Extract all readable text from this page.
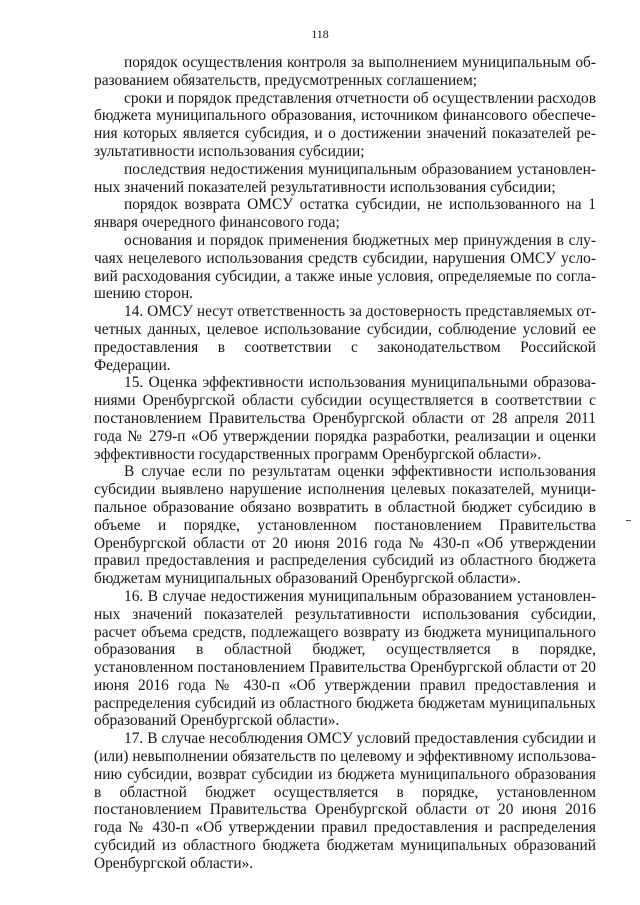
118

порядок осуществления контроля за выполнением муниципальным образованием обязательств, предусмотренных соглашением;

сроки и порядок представления отчетности об осуществлении расходов бюджета муниципального образования, источником финансового обеспечения которых является субсидия, и о достижении значений показателей результативности использования субсидии;

последствия недостижения муниципальным образованием установленных значений показателей результативности использования субсидии;

порядок возврата ОМСУ остатка субсидии, не использованного на 1 января очередного финансового года;

основания и порядок применения бюджетных мер принуждения в случаях нецелевого использования средств субсидии, нарушения ОМСУ условий расходования субсидии, а также иные условия, определяемые по соглашению сторон.

14. ОМСУ несут ответственность за достоверность представляемых отчетных данных, целевое использование субсидии, соблюдение условий ее предоставления в соответствии с законодательством Российской Федерации.

15. Оценка эффективности использования муниципальными образованиями Оренбургской области субсидии осуществляется в соответствии с постановлением Правительства Оренбургской области от 28 апреля 2011 года № 279-п «Об утверждении порядка разработки, реализации и оценки эффективности государственных программ Оренбургской области».

В случае если по результатам оценки эффективности использования субсидии выявлено нарушение исполнения целевых показателей, муниципальное образование обязано возвратить в областной бюджет субсидию в объеме и порядке, установленном постановлением Правительства Оренбургской области от 20 июня 2016 года № 430-п «Об утверждении правил предоставления и распределения субсидий из областного бюджета бюджетам муниципальных образований Оренбургской области».

16. В случае недостижения муниципальным образованием установленных значений показателей результативности использования субсидии, расчет объема средств, подлежащего возврату из бюджета муниципального образования в областной бюджет, осуществляется в порядке, установленном постановлением Правительства Оренбургской области от 20 июня 2016 года № 430-п «Об утверждении правил предоставления и распределения субсидий из областного бюджета бюджетам муниципальных образований Оренбургской области».

17. В случае несоблюдения ОМСУ условий предоставления субсидии и (или) невыполнении обязательств по целевому и эффективному использованию субсидии, возврат субсидии из бюджета муниципального образования в областной бюджет осуществляется в порядке, установленном постановлением Правительства Оренбургской области от 20 июня 2016 года № 430-п «Об утверждении правил предоставления и распределения субсидий из областного бюджета бюджетам муниципальных образований Оренбургской области».
